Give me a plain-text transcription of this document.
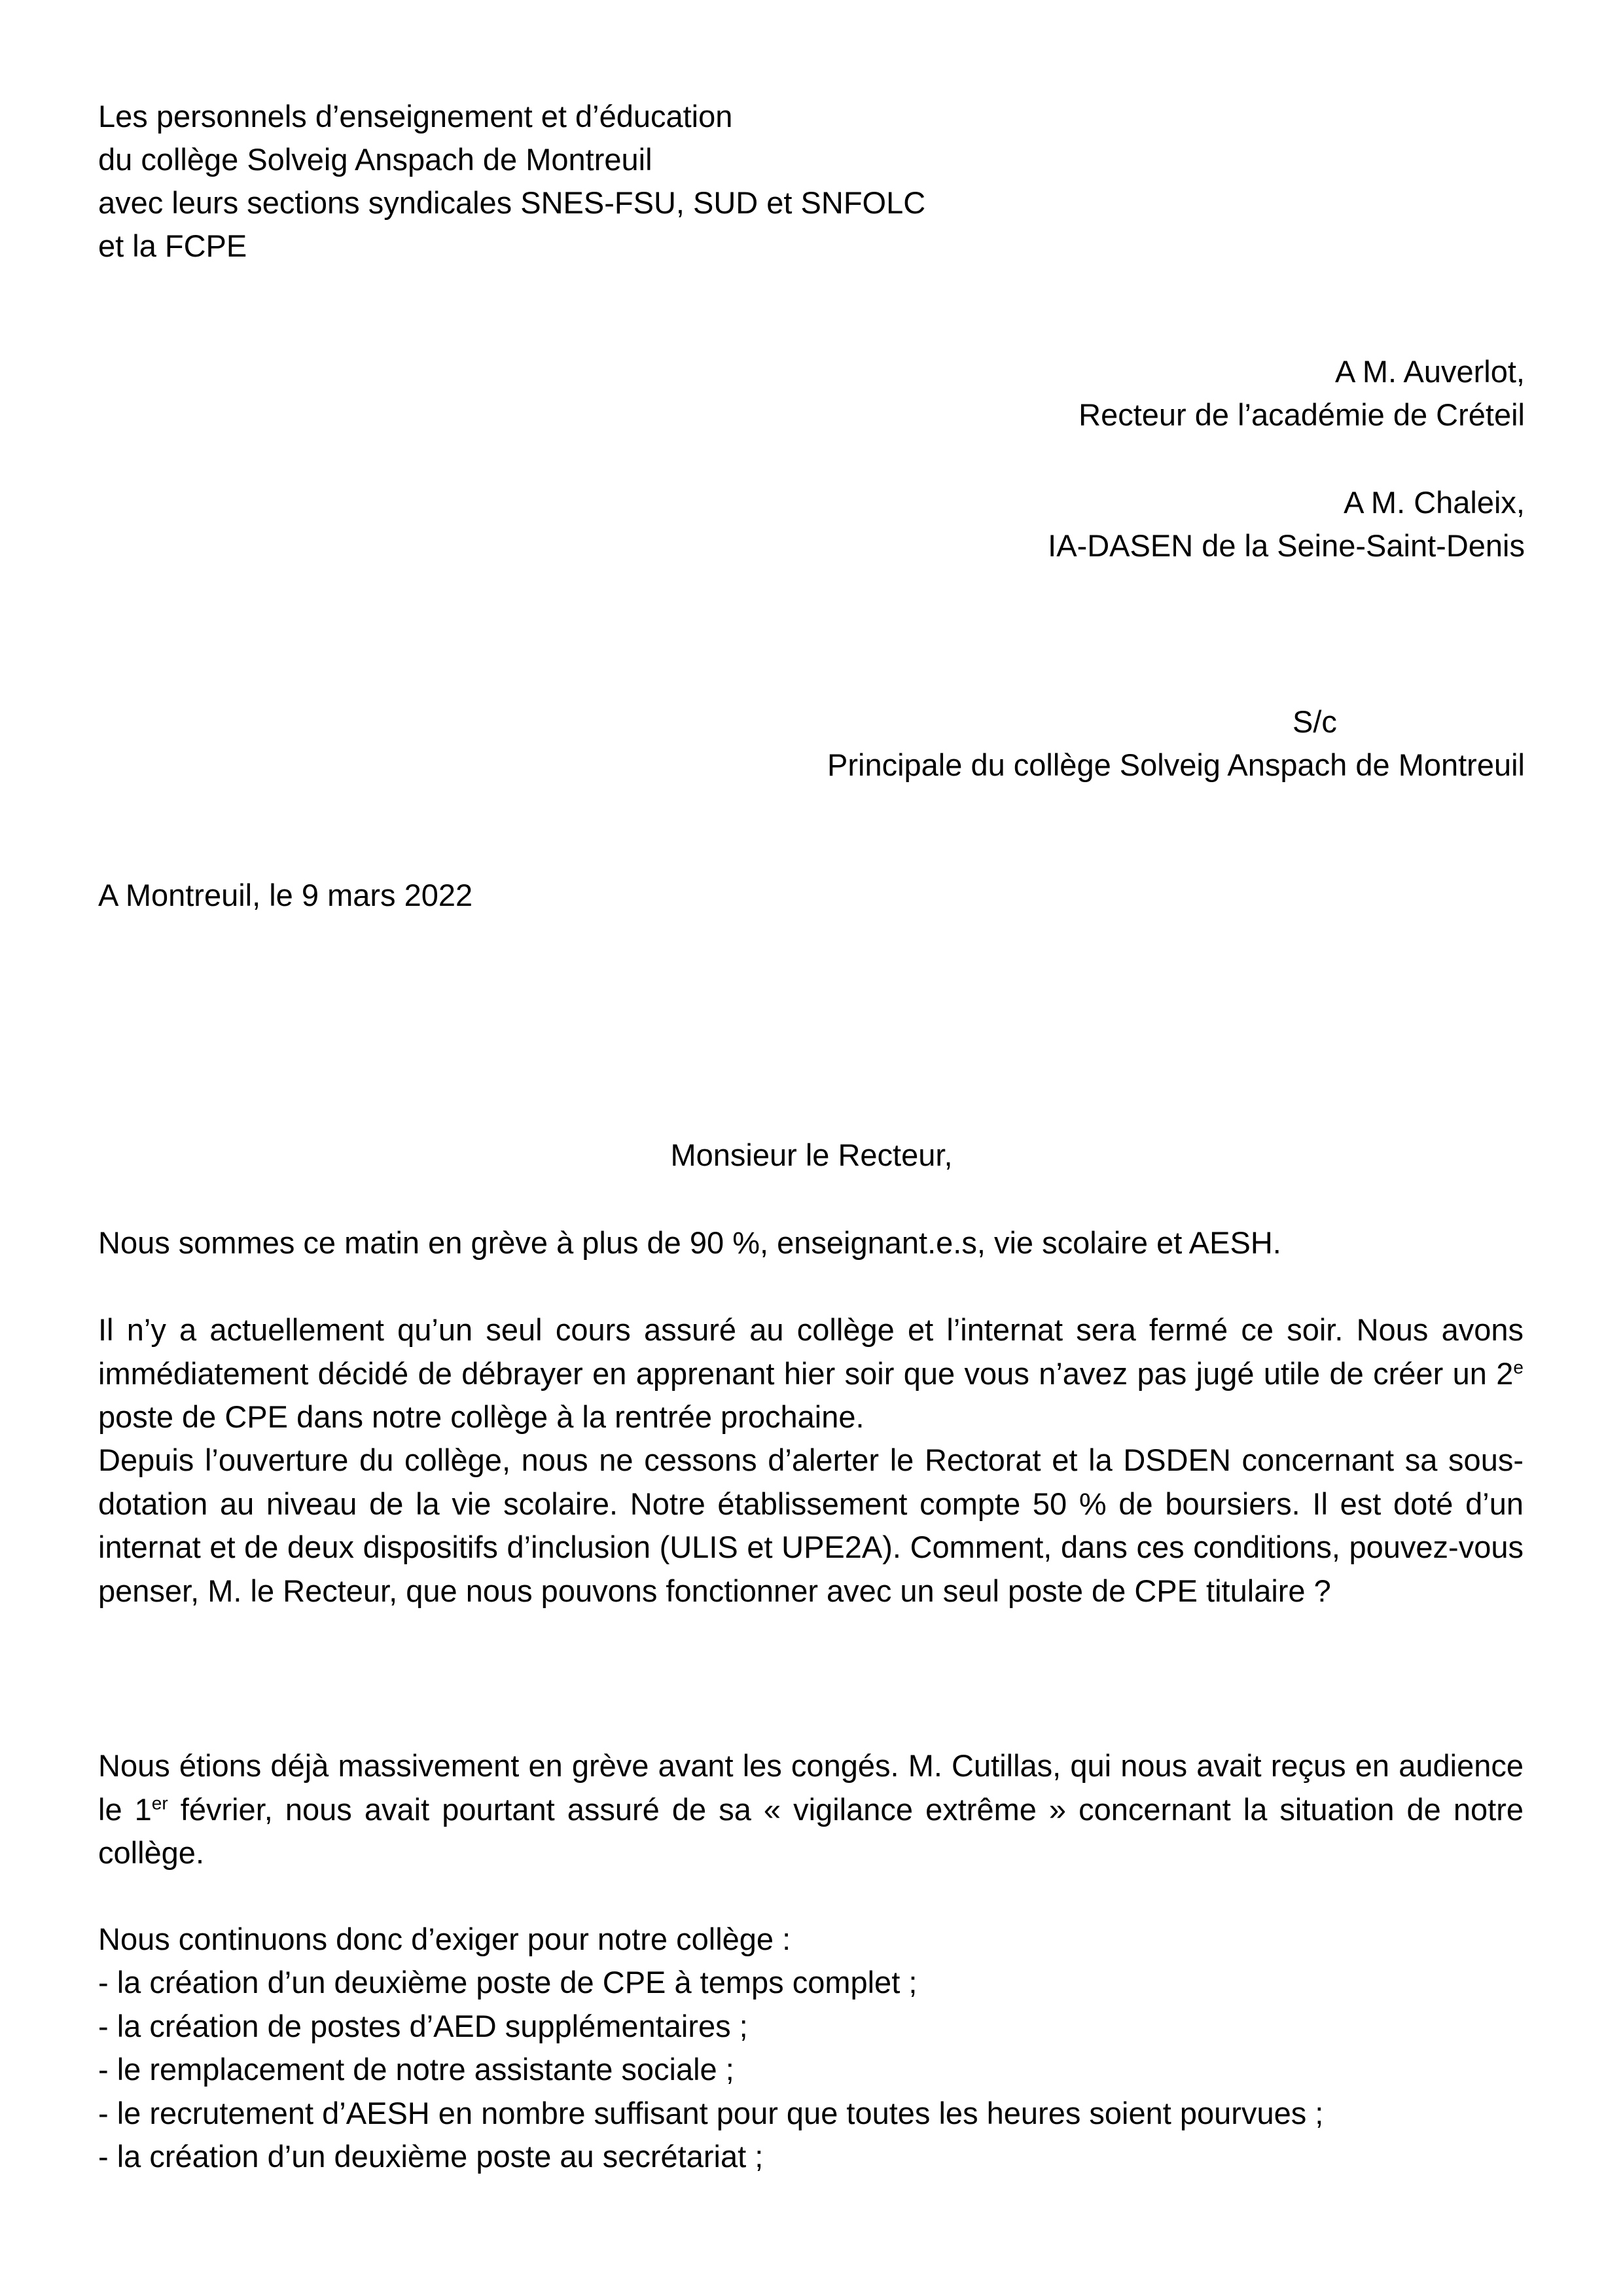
Les personnels d’enseignement et d’éducation

du collège Solveig Anspach de Montreuil

avec leurs sections syndicales SNES-FSU, SUD et SNFOLC

et la FCPE

A M. Auverlot,

Recteur de l’académie de Créteil

A M. Chaleix,

IA-DASEN de la Seine-Saint-Denis

S/c

Principale du collège Solveig Anspach de Montreuil

A Montreuil, le 9 mars 2022

Monsieur le Recteur,

Nous sommes ce matin en grève à plus de 90 %, enseignant.e.s, vie scolaire et AESH.

Il n’y a actuellement qu’un seul cours assuré au collège et l’internat sera fermé ce soir. Nous avons immédiatement décidé de débrayer en apprenant hier soir que vous n’avez pas jugé utile de créer un 2e poste de CPE dans notre collège à la rentrée prochaine.

Depuis l’ouverture du collège, nous ne cessons d’alerter le Rectorat et la DSDEN concernant sa sous-dotation au niveau de la vie scolaire. Notre établissement compte 50 % de boursiers. Il est doté d’un internat et de deux dispositifs d’inclusion (ULIS et UPE2A). Comment, dans ces conditions, pouvez-vous penser, M. le Recteur, que nous pouvons fonctionner avec un seul poste de CPE titulaire ?

Nous étions déjà massivement en grève avant les congés. M. Cutillas, qui nous avait reçus en audience le 1er février, nous avait pourtant assuré de sa « vigilance extrême » concernant la situation de notre collège.

Nous continuons donc d’exiger pour notre collège :

- la création d’un deuxième poste de CPE à temps complet ;
- la création de postes d’AED supplémentaires ;
- le remplacement de notre assistante sociale ;
- le recrutement d’AESH en nombre suffisant pour que toutes les heures soient pourvues ;
- la création d’un deuxième poste au secrétariat ;
